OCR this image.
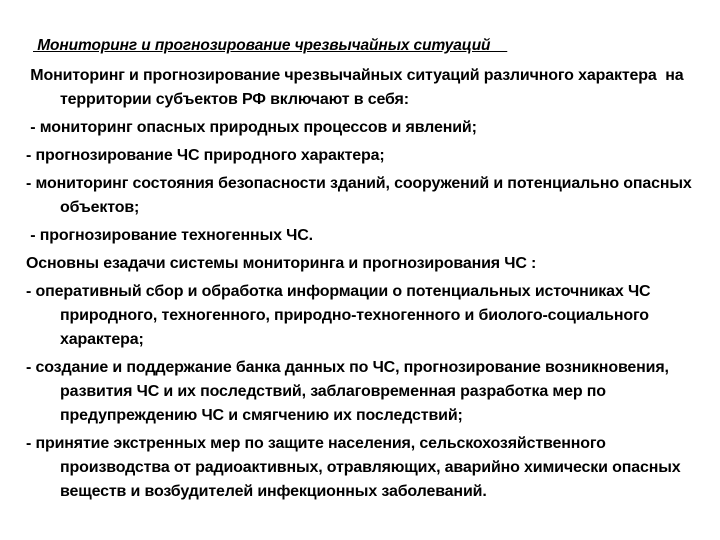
Мониторинг и прогнозирование чрезвычайных ситуаций

Мониторинг и прогнозирование чрезвычайных ситуаций различного характера  на территории субъектов РФ включают в себя:

- мониторинг опасных природных процессов и явлений;

- прогнозирование ЧС природного характера;

- мониторинг состояния безопасности зданий, сооружений и потенциально опасных объектов;

- прогнозирование техногенных ЧС.

Основны езадачи системы мониторинга и прогнозирования ЧС :

- оперативный сбор и обработка информации о потенциальных источниках ЧС природного, техногенного, природно-техногенного и биолого-социального характера;

- создание и поддержание банка данных по ЧС, прогнозирование возникновения, развития ЧС и их последствий, заблаговременная разработка мер по предупреждению ЧС и смягчению их последствий;

- принятие экстренных мер по защите населения, сельскохозяйственного производства от радиоактивных, отравляющих, аварийно химически опасных веществ и возбудителей инфекционных заболеваний.
